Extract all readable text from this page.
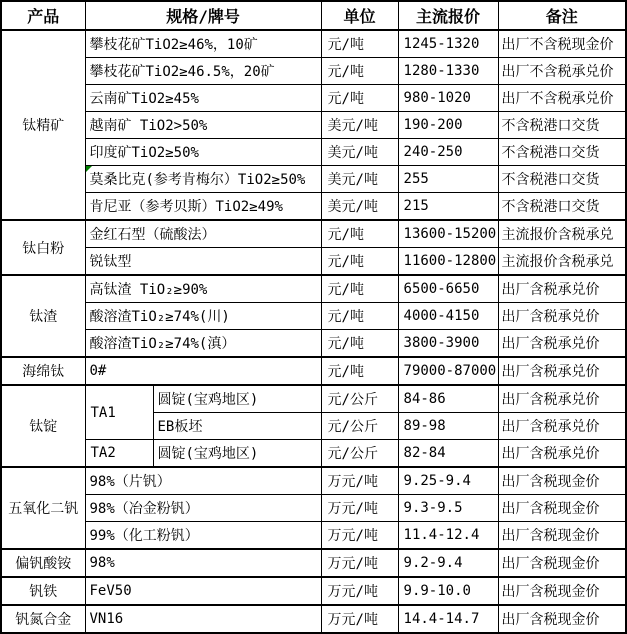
产品	规格/牌号		单位	主流报价	备注
钛精矿	攀枝花矿TiO2≥46%，10矿		元/吨	1245-1320	出厂不含税现金价
	攀枝花矿TiO2≥46.5%，20矿		元/吨	1280-1330	出厂不含税承兑价
	云南矿TiO2≥45%		元/吨	980-1020	出厂不含税承兑价
	越南矿 TiO2>50%		美元/吨	190-200	不含税港口交货
	印度矿TiO2≥50%		美元/吨	240-250	不含税港口交货
	莫桑比克(参考肯梅尔）TiO2≥50%		美元/吨	255	不含税港口交货
	肯尼亚（参考贝斯）TiO2≥49%		美元/吨	215	不含税港口交货
钛白粉	金红石型（硫酸法）		元/吨	13600-15200	主流报价含税承兑
	锐钛型		元/吨	11600-12800	主流报价含税承兑
钛渣	高钛渣 TiO₂≥90%		元/吨	6500-6650	出厂含税承兑价
	酸溶渣TiO₂≥74%(川)		元/吨	4000-4150	出厂含税承兑价
	酸溶渣TiO₂≥74%(滇）		元/吨	3800-3900	出厂含税承兑价
海绵钛	0#		元/吨	79000-87000	出厂含税承兑价
钛锭	TA1	圆锭(宝鸡地区)	元/公斤	84-86	出厂含税承兑价
		EB板坯	元/公斤	89-98	出厂含税承兑价
	TA2	圆锭(宝鸡地区)	元/公斤	82-84	出厂含税承兑价
五氧化二钒	98%（片钒）		万元/吨	9.25-9.4	出厂含税现金价
	98%（冶金粉钒）		万元/吨	9.3-9.5	出厂含税现金价
	99%（化工粉钒）		万元/吨	11.4-12.4	出厂含税现金价
偏钒酸铵	98%		万元/吨	9.2-9.4	出厂含税现金价
钒铁	FeV50		万元/吨	9.9-10.0	出厂含税现金价
钒氮合金	VN16		万元/吨	14.4-14.7	出厂含税现金价
